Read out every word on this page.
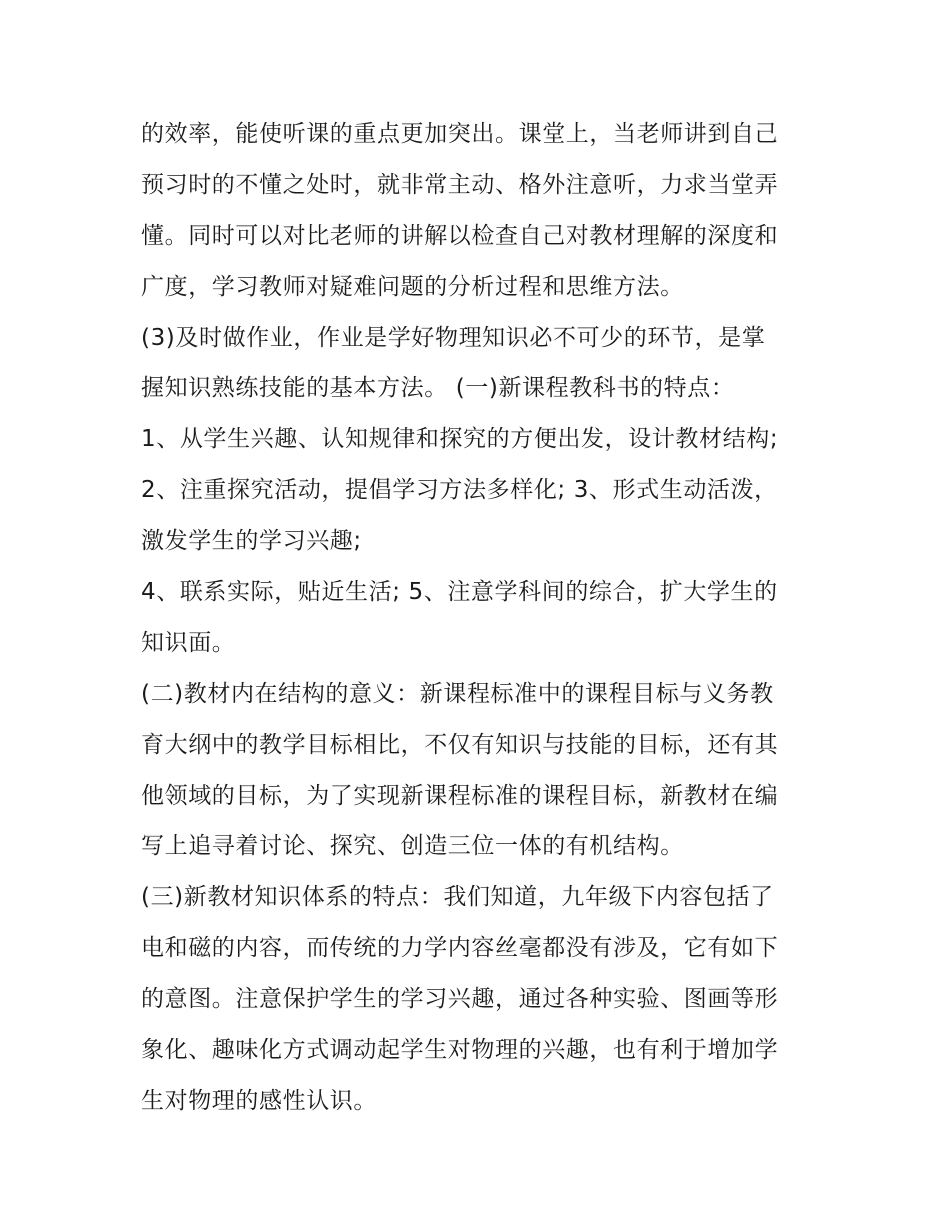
的效率，能使听课的重点更加突出。课堂上，当老师讲到自己
预习时的不懂之处时，就非常主动、格外注意听，力求当堂弄
懂。同时可以对比老师的讲解以检查自己对教材理解的深度和
广度，学习教师对疑难问题的分析过程和思维方法。
(3)及时做作业，作业是学好物理知识必不可少的环节，是掌
握知识熟练技能的基本方法。 (一)新课程教科书的特点：
1、从学生兴趣、认知规律和探究的方便出发，设计教材结构;
2、注重探究活动，提倡学习方法多样化; 3、形式生动活泼，
激发学生的学习兴趣;
4、联系实际，贴近生活; 5、注意学科间的综合，扩大学生的
知识面。
(二)教材内在结构的意义：新课程标准中的课程目标与义务教
育大纲中的教学目标相比，不仅有知识与技能的目标，还有其
他领域的目标，为了实现新课程标准的课程目标，新教材在编
写上追寻着讨论、探究、创造三位一体的有机结构。
(三)新教材知识体系的特点：我们知道，九年级下内容包括了
电和磁的内容，而传统的力学内容丝毫都没有涉及，它有如下
的意图。注意保护学生的学习兴趣，通过各种实验、图画等形
象化、趣味化方式调动起学生对物理的兴趣，也有利于增加学
生对物理的感性认识。
